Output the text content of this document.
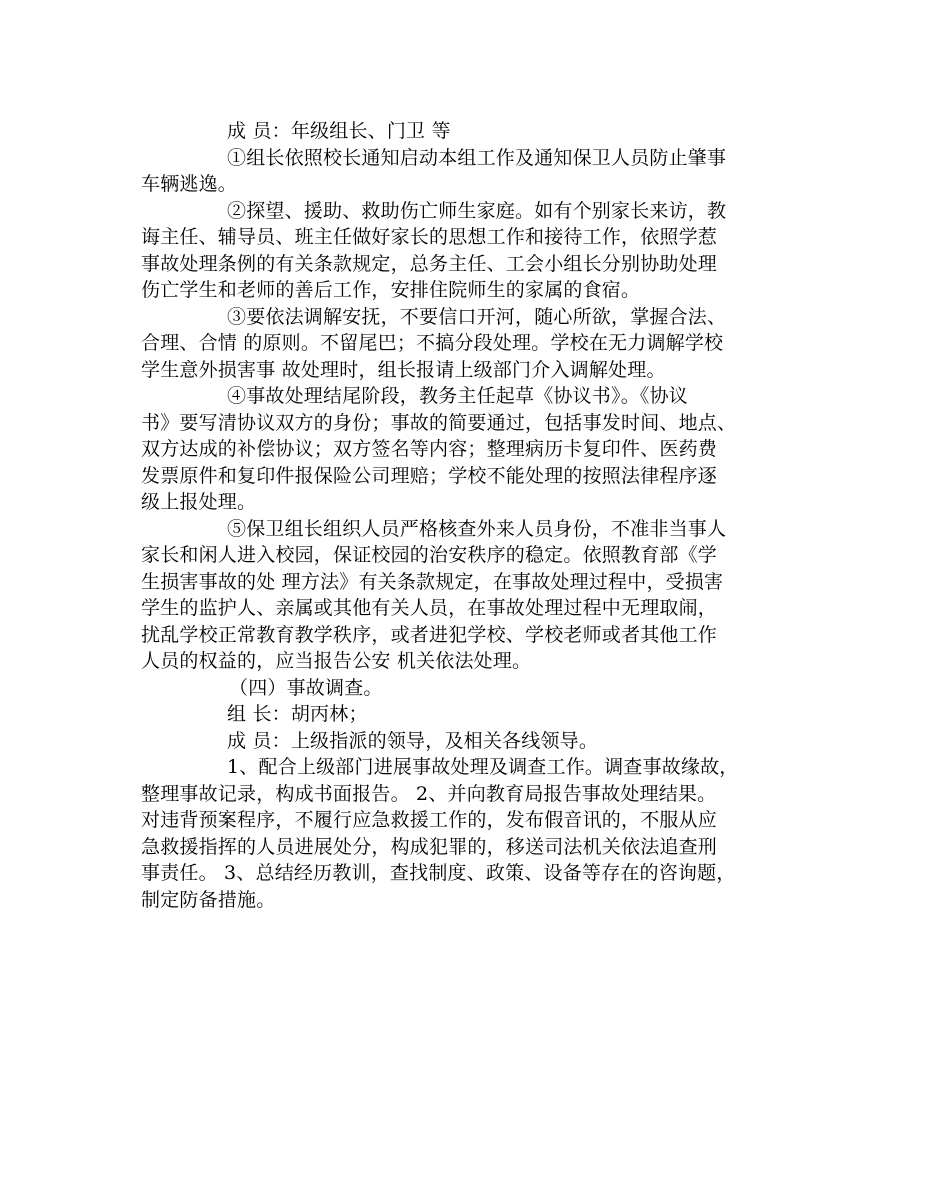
成 员：年级组长、门卫 等
①组长依照校长通知启动本组工作及通知保卫人员防止肇事
车辆逃逸。
②探望、援助、救助伤亡师生家庭。如有个别家长来访，教
诲主任、辅导员、班主任做好家长的思想工作和接待工作，依照学惹
事故处理条例的有关条款规定，总务主任、工会小组长分别协助处理
伤亡学生和老师的善后工作，安排住院师生的家属的食宿。
③要依法调解安抚，不要信口开河，随心所欲，掌握合法、
合理、合情 的原则。不留尾巴；不搞分段处理。学校在无力调解学校
学生意外损害事 故处理时，组长报请上级部门介入调解处理。
④事故处理结尾阶段，教务主任起草《协议书》。《协议
书》要写清协议双方的身份；事故的简要通过，包括事发时间、地点、
双方达成的补偿协议；双方签名等内容；整理病历卡复印件、医药费
发票原件和复印件报保险公司理赔；学校不能处理的按照法律程序逐
级上报处理。
⑤保卫组长组织人员严格核查外来人员身份，不准非当事人
家长和闲人进入校园，保证校园的治安秩序的稳定。依照教育部《学
生损害事故的处 理方法》有关条款规定，在事故处理过程中，受损害
学生的监护人、亲属或其他有关人员，在事故处理过程中无理取闹，
扰乱学校正常教育教学秩序，或者进犯学校、学校老师或者其他工作
人员的权益的，应当报告公安 机关依法处理。
（四）事故调查。
组 长：胡丙林；
成 员：上级指派的领导，及相关各线领导。
1、配合上级部门进展事故处理及调查工作。调查事故缘故，
整理事故记录，构成书面报告。 2、并向教育局报告事故处理结果。
对违背预案程序，不履行应急救援工作的，发布假音讯的，不服从应
急救援指挥的人员进展处分，构成犯罪的，移送司法机关依法追查刑
事责任。 3、总结经历教训，查找制度、政策、设备等存在的咨询题，
制定防备措施。
